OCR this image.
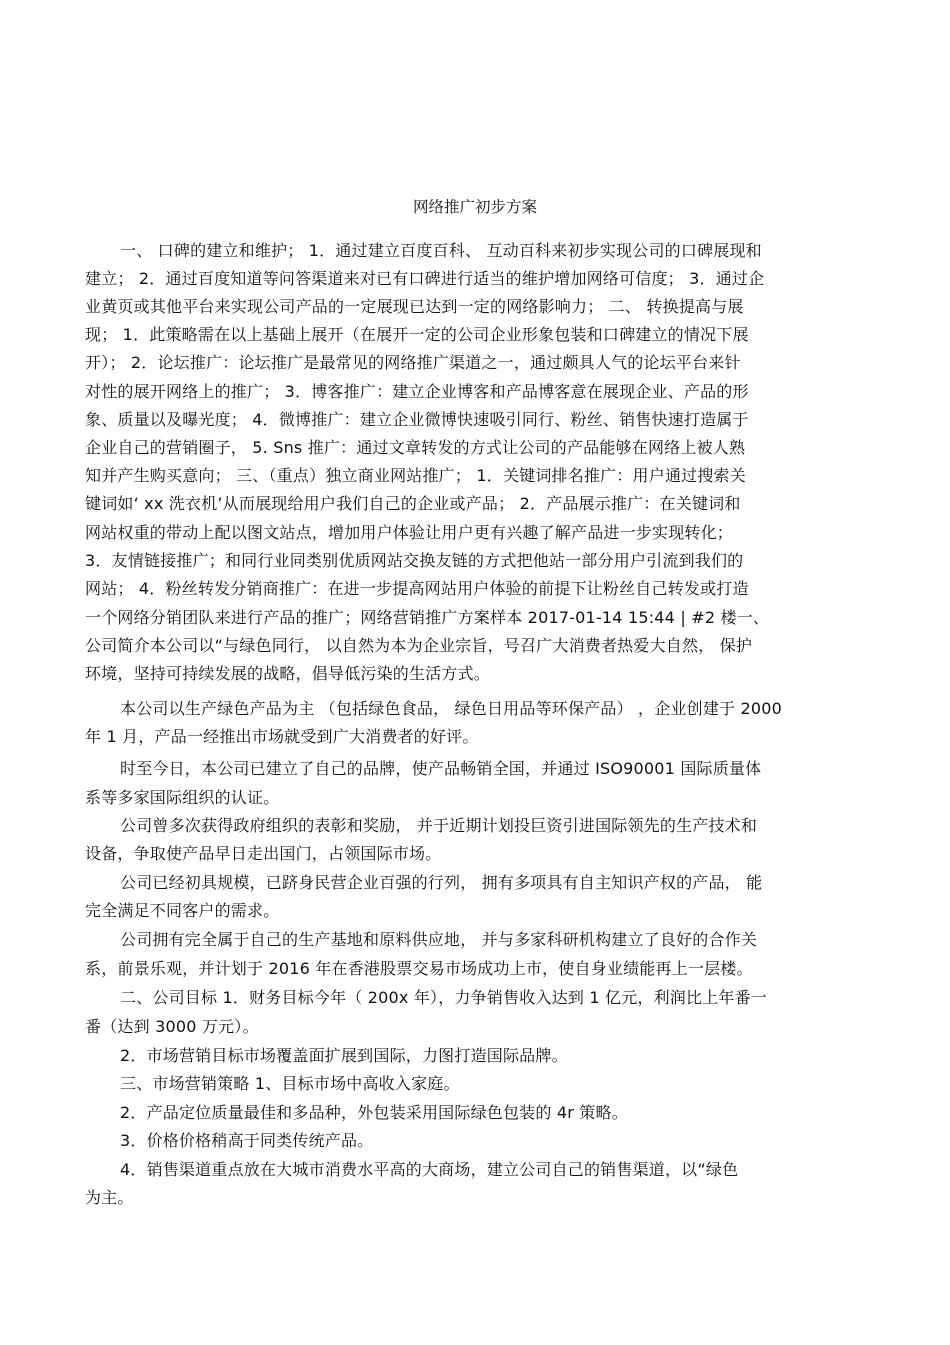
网络推广初步方案
一、 口碑的建立和维护； 1．通过建立百度百科、 互动百科来初步实现公司的口碑展现和
建立； 2．通过百度知道等问答渠道来对已有口碑进行适当的维护增加网络可信度； 3．通过企
业黄页或其他平台来实现公司产品的一定展现已达到一定的网络影响力； 二、 转换提高与展
现； 1．此策略需在以上基础上展开（在展开一定的公司企业形象包装和口碑建立的情况下展
开）； 2．论坛推广：论坛推广是最常见的网络推广渠道之一，通过颇具人气的论坛平台来针
对性的展开网络上的推广； 3．博客推广：建立企业博客和产品博客意在展现企业、产品的形
象、质量以及曝光度； 4．微博推广：建立企业微博快速吸引同行、粉丝、销售快速打造属于
企业自己的营销圈子， 5. Sns 推广：通过文章转发的方式让公司的产品能够在网络上被人熟
知并产生购买意向； 三、（重点）独立商业网站推广； 1．关键词排名推广：用户通过搜索关
键词如‘ xx 洗衣机’从而展现给用户我们自己的企业或产品； 2．产品展示推广：在关键词和
网站权重的带动上配以图文站点，增加用户体验让用户更有兴趣了解产品进一步实现转化；
3．友情链接推广；和同行业同类别优质网站交换友链的方式把他站一部分用户引流到我们的
网站； 4．粉丝转发分销商推广：在进一步提高网站用户体验的前提下让粉丝自己转发或打造
一个网络分销团队来进行产品的推广；网络营销推广方案样本 2017-01-14 15:44 | #2 楼一、
公司简介本公司以“与绿色同行， 以自然为本为企业宗旨，号召广大消费者热爱大自然， 保护
环境，坚持可持续发展的战略，倡导低污染的生活方式。
本公司以生产绿色产品为主 （包括绿色食品， 绿色日用品等环保产品） ，企业创建于 2000
年 1 月，产品一经推出市场就受到广大消费者的好评。
时至今日，本公司已建立了自己的品牌，使产品畅销全国，并通过 ISO90001 国际质量体
系等多家国际组织的认证。
公司曾多次获得政府组织的表彰和奖励， 并于近期计划投巨资引进国际领先的生产技术和
设备，争取使产品早日走出国门，占领国际市场。
公司已经初具规模，已跻身民营企业百强的行列， 拥有多项具有自主知识产权的产品， 能
完全满足不同客户的需求。
公司拥有完全属于自己的生产基地和原料供应地， 并与多家科研机构建立了良好的合作关
系，前景乐观，并计划于 2016 年在香港股票交易市场成功上市，使自身业绩能再上一层楼。
二、公司目标 1．财务目标今年（ 200x 年），力争销售收入达到 1 亿元，利润比上年番一
番（达到 3000 万元）。
2．市场营销目标市场覆盖面扩展到国际，力图打造国际品牌。
三、市场营销策略 1、目标市场中高收入家庭。
2．产品定位质量最佳和多品种，外包装采用国际绿色包装的 4r 策略。
3．价格价格稍高于同类传统产品。
4．销售渠道重点放在大城市消费水平高的大商场，建立公司自己的销售渠道，以“绿色
为主。
